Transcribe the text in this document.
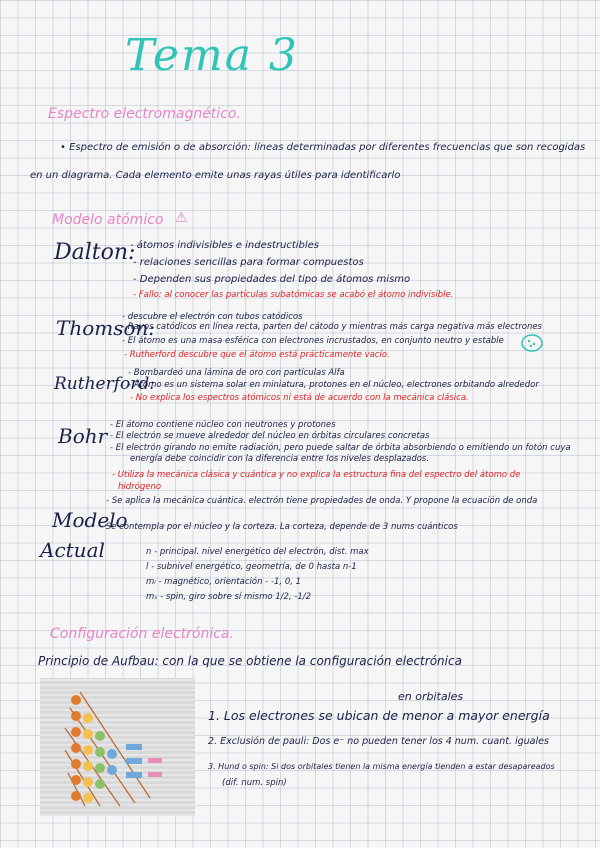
Tema 3
Espectro electromagnético.
• Espectro de emisión o de absorción: líneas determinadas por diferentes frecuencias que son recogidas
en un diagrama. Cada elemento emite unas rayas útiles para identificarlo
Modelo atómico ⚠
Dalton:
- átomos indivisibles e indestructibles
- relaciones sencillas para formar compuestos
- Dependen sus propiedades del tipo de átomos mismo
- Fallo: al conocer las partículas subatómicas se acabó el átomo indivisible.
Thomson:
- descubre el electrón con tubos catódicos
- Rayos catódicos en línea recta, parten del cátodo y mientras más carga negativa más electrones
- El átomo es una masa esférica con electrones incrustados, en conjunto neutro y estable
- Rutherford descubre que el átomo está prácticamente vacío.
Rutherford:
- Bombardeó una lámina de oro con partículas Alfa
- Átomo es un sistema solar en miniatura, protones en el núcleo, electrones orbitando alrededor
- No explica los espectros atómicos ni está de acuerdo con la mecánica clásica.
Bohr - El átomo contiene núcleo con neutrones y protones
- El electrón se mueve alrededor del núcleo en órbitas circulares concretas
- El electrón girando no emite radiación, pero puede saltar de órbita absorbiendo o emitiendo un fotón cuya
energía debe coincidir con la diferencia entre los niveles desplazados.
- Utiliza la mecánica clásica y cuántica y no explica la estructura fina del espectro del átomo de
hidrógeno
Modelo
Actual
- Se aplica la mecánica cuántica. electrón tiene propiedades de onda. Y propone la ecuación de onda
- Se contempla por el núcleo y la corteza. La corteza, depende de 3 nums cuánticos
n - principal. nivel energético del electrón, dist. max
l - subnivel energético, geometría, de 0 hasta n-1
mₗ - magnético, orientación - -1, 0, 1
mₛ - spin, giro sobre sí mismo 1/2, -1/2
Configuración electrónica.
Principio de Aufbau: con la que se obtiene la configuración electrónica
en orbitales
1. Los electrones se ubican de menor a mayor energía
2. Exclusión de pauli: Dos e⁻ no pueden tener los 4 num. cuant. iguales
3. Hund o spin: Si dos orbitales tienen la misma energía tienden a estar desapareados
(dif. num. spin)
